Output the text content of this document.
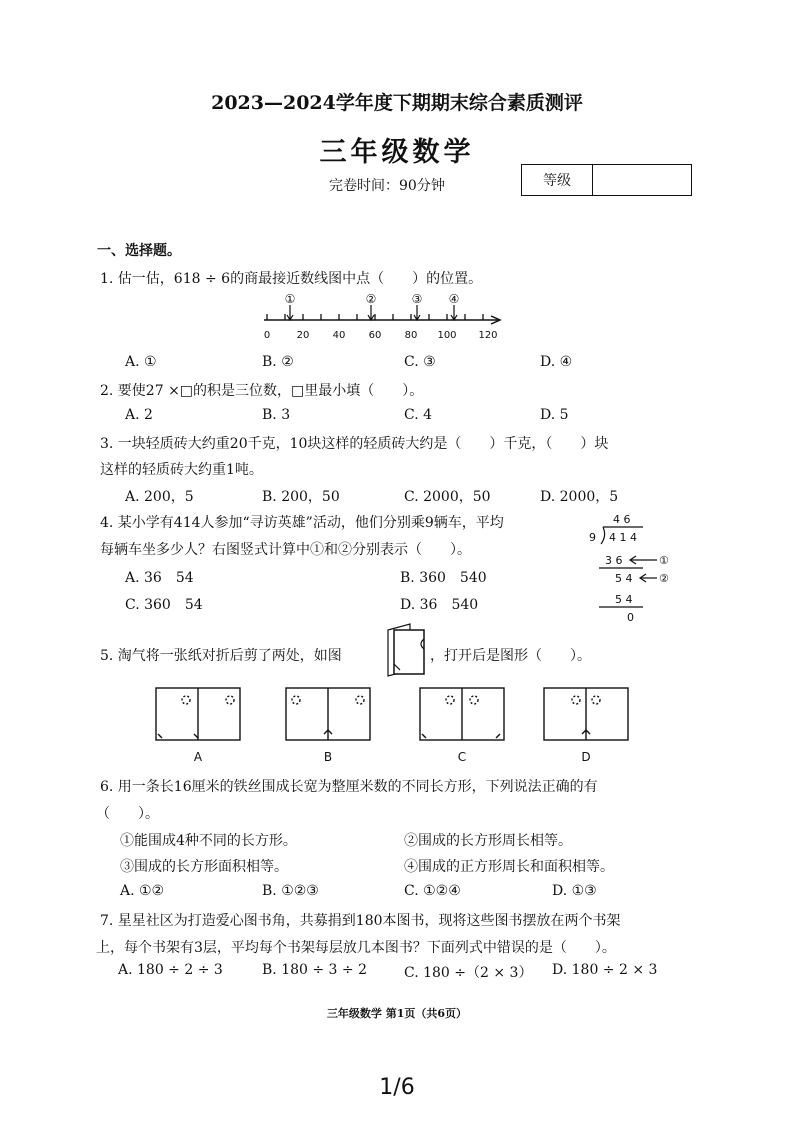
2023—2024学年度下期期末综合素质测评
三年级数学
完卷时间：90分钟	等级
一、选择题。
1. 估一估，618 ÷ 6的商最接近数线图中点（　　）的位置。
0	20 40 60 80 100 120
①	②	③ ④
A. ①	B. ②	C. ③	D. ④
2. 要使27 ×□的积是三位数，□里最小填（　　）。
A. 2	B. 3	C. 4	D. 5
3. 一块轻质砖大约重20千克，10块这样的轻质砖大约是（　　）千克，（　　）块
这样的轻质砖大约重1吨。
A. 200，5	B. 200，50	C. 2000，50	D. 2000，5
4. 某小学有414人参加“寻访英雄”活动，他们分别乘9辆车，平均
每辆车坐多少人？右图竖式计算中①和②分别表示（　　）。
A. 36　54	B. 360　540
C. 360　54	D. 36　540
4 6
9 4 1 4
3 6
5 4
5 4
0
①
②
5. 淘气将一张纸对折后剪了两处，如图	，打开后是图形（　　）。
A	B	C	D
6. 用一条长16厘米的铁丝围成长宽为整厘米数的不同长方形，下列说法正确的有
（　　）。
①能围成4种不同的长方形。	②围成的长方形周长相等。
③围成的长方形面积相等。	④围成的正方形周长和面积相等。
A. ①②	B. ①②③	C. ①②④	D. ①③
7. 星星社区为打造爱心图书角，共募捐到180本图书，现将这些图书摆放在两个书架
上，每个书架有3层，平均每个书架每层放几本图书？下面列式中错误的是（　　）。
A. 180 ÷ 2 ÷ 3	B. 180 ÷ 3 ÷ 2	C. 180 ÷（2 × 3） D. 180 ÷ 2 × 3
三年级数学 第1页（共6页）
1/6
